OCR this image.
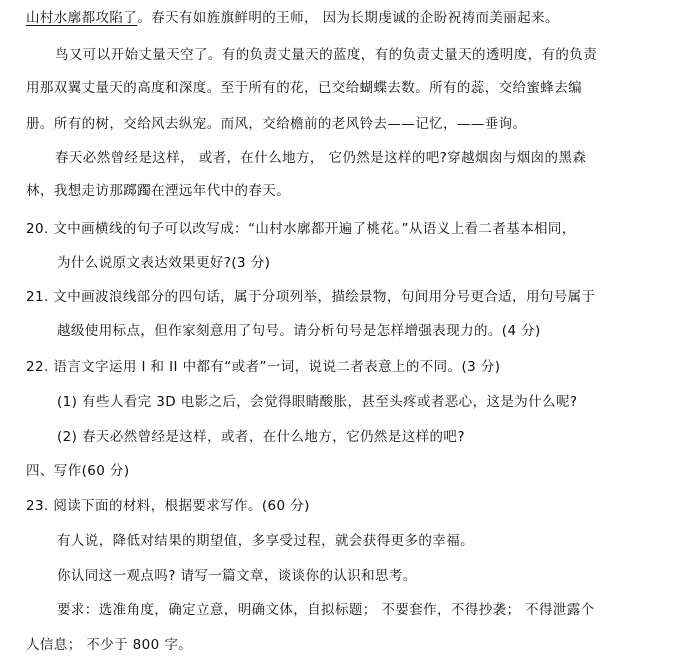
山村水廓都攻陷了。春天有如旌旗鲜明的王师， 因为长期虔诚的企盼祝祷而美丽起来。
鸟又可以开始丈量天空了。有的负责丈量天的蓝度，有的负责丈量天的透明度，有的负责
用那双翼丈量天的高度和深度。至于所有的花，已交给蝴蝶去数。所有的蕊，交给蜜蜂去编
册。所有的树，交给风去纵宠。而风，交给檐前的老风铃去——记忆，——垂询。
春天必然曾经是这样， 或者，在什么地方， 它仍然是这样的吧?穿越烟囱与烟囱的黑森
林，我想走访那踯躅在湮远年代中的春天。
20. 文中画横线的句子可以改写成：“山村水廓都开遍了桃花。”从语义上看二者基本相同，
为什么说原文表达效果更好?(3 分)
21. 文中画波浪线部分的四句话，属于分项列举，描绘景物，句间用分号更合适，用句号属于
越级使用标点，但作家刻意用了句号。请分析句号是怎样增强表现力的。(4 分)
22. 语言文字运用 I 和 II 中都有“或者”一词，说说二者表意上的不同。(3 分)
(1) 有些人看完 3D 电影之后，会觉得眼睛酸胀，甚至头疼或者恶心，这是为什么呢?
(2) 春天必然曾经是这样，或者，在什么地方，它仍然是这样的吧?
四、写作(60 分)
23. 阅读下面的材料，根据要求写作。(60 分)
有人说，降低对结果的期望值，多享受过程，就会获得更多的幸福。
你认同这一观点吗? 请写一篇文章，谈谈你的认识和思考。
要求：选准角度，确定立意，明确文体，自拟标题； 不要套作，不得抄袭； 不得泄露个
人信息； 不少于 800 字。
